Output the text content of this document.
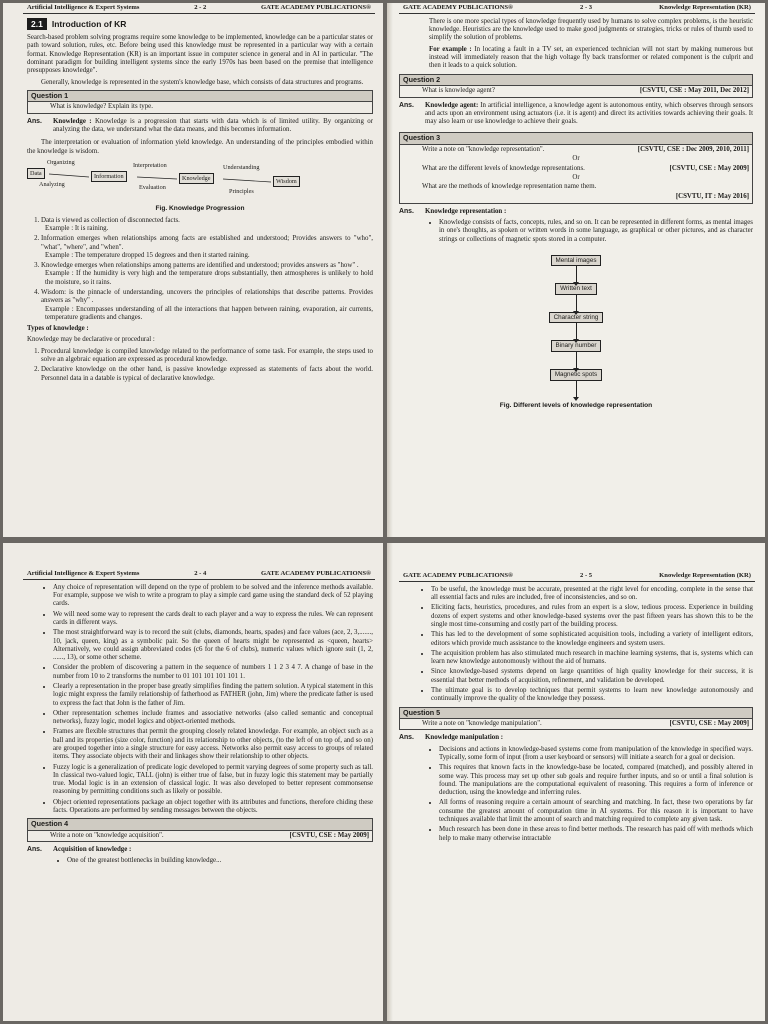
Artificial Intelligence & Expert Systems	2 - 2	GATE ACADEMY PUBLICATIONS®
2.1	Introduction of KR

Search-based problem solving programs require some knowledge to be implemented, knowledge can be a particular states or path toward solution, rules, etc. Before being used this knowledge must be represented in a particular way with a certain format. Knowledge Representation (KR) is an important issue in computer science in general and in AI in particular. "The dominant paradigm for building intelligent systems since the early 1970s has been based on the premise that intelligence presupposes knowledge".

Generally, knowledge is represented in the system's knowledge base, which consists of data structures and programs.

Question 1
What is knowledge? Explain its type.
Ans.	Knowledge : Knowledge is a progression that starts with data which is of limited utility. By organizing or analyzing the data, we understand what the data means, and this becomes information.

The interpretation or evaluation of information yield knowledge. An understanding of the principles embodied within the knowledge is wisdom.

Organizing
Data
Analyzing
Information
Interpretation
Evaluation
Knowledge
Understanding
Principles
Wisdom
Fig. Knowledge Progression
1. Data is viewed as collection of disconnected facts.
Example : It is raining.
2. Information emerges when relationships among facts are established and understood; Provides answers to "who", "what", "where", and "when".
Example : The temperature dropped 15 degrees and then it started raining.
3. Knowledge emerges when relationships among patterns are identified and understood; provides answers as "how" .
Example : If the humidity is very high and the temperature drops substantially, then atmospheres is unlikely to hold the moisture, so it rains.
4. Wisdom: is the pinnacle of understanding, uncovers the principles of relationships that describe patterns. Provides answers as "why" .
Example : Encompasses understanding of all the interactions that happen between raining, evaporation, air currents, temperature gradients and changes.

Types of knowledge :

Knowledge may be declarative or procedural :

1. Procedural knowledge is compiled knowledge related to the performance of some task. For example, the steps used to solve an algebraic equation are expressed as procedural knowledge.
2. Declarative knowledge on the other hand, is passive knowledge expressed as statements of facts about the world. Personnel data in a datable is typical of declarative knowledge.
GATE ACADEMY PUBLICATIONS®	2 - 3	Knowledge Representation (KR)

There is one more special types of knowledge frequently used by humans to solve complex problems, is the heuristic knowledge. Heuristics are the knowledge used to make good judgments or strategies, tricks or rules of thumb used to simplify the solution of problems.

For example : In locating a fault in a TV set, an experienced technician will not start by making numerous but instead will immediately reason that the high voltage fly back transformer or related component is the culprit and then it leads to a quick solution.

Question 2
What is knowledge agent?	[CSVTU, CSE : May 2011, Dec 2012]
Ans.	Knowledge agent: In artificial intelligence, a knowledge agent is autonomous entity, which observes through sensors and acts upon an environment using actuators (i.e. it is agent) and direct its activities towards achieving their goals. It may also learn or use knowledge to achieve their goals.

Question 3
Write a note on "knowledge representation".	[CSVTU, CSE : Dec 2009, 2010, 2011]
Or
What are the different levels of knowledge representations.	[CSVTU, CSE : May 2009]
Or
What are the methods of knowledge representation name them.
[CSVTU, IT : May 2016]
Ans.	Knowledge representation :

• Knowledge consists of facts, concepts, rules, and so on. It can be represented in different forms, as mental images in one's thoughts, as spoken or written words in some language, as graphical or other pictures, and as character strings or collections of magnetic spots stored in a computer.
Mental images
Written text
Character string
Binary number
Magnetic spots
Fig. Different levels of knowledge representation
Artificial Intelligence & Expert Systems	2 - 4	GATE ACADEMY PUBLICATIONS®
• Any choice of representation will depend on the type of problem to be solved and the inference methods available. For example, suppose we wish to write a program to play a simple card game using the standard deck of 52 playing cards.
• We will need some way to represent the cards dealt to each player and a way to express the rules. We can represent cards in different ways.
• The most straightforward way is to record the suit (clubs, diamonds, hearts, spades) and face values (ace, 2, 3,......., 10, jack, queen, king) as a symbolic pair. So the queen of hearts might be represented as <queen, hearts> Alternatively, we could assign abbreviated codes (c6 for the 6 of clubs), numeric values which ignore suit (1, 2, ......, 13), or some other scheme.
• Consider the problem of discovering a pattern in the sequence of numbers 1 1 2 3 4 7. A change of base in the number from 10 to 2 transforms the number to 01 101 101 101 101 1.
• Clearly a representation in the proper base greatly simplifies finding the pattern solution. A typical statement in this logic might express the family relationship of fatherhood as FATHER (john, Jim) where the predicate father is used to express the fact that John is the father of Jim.
• Other representation schemes include frames and associative networks (also called semantic and conceptual networks), fuzzy logic, model logics and object-oriented methods.
• Frames are flexible structures that permit the grouping closely related knowledge. For example, an object such as a ball and its properties (size color, function) and its relationship to other objects, (to the left of on top of, and so on) are grouped together into a single structure for easy access. Networks also permit easy access to groups of related items. They associate objects with their and linkages show their relationship to other objects.
• Fuzzy logic is a generalization of predicate logic developed to permit varying degrees of some property such as tall. In classical two-valued logic, TALL (john) is either true of false, but in fuzzy logic this statement may be partially true. Modal logic is in an extension of classical logic. It was also developed to better represent commonsense reasoning by permitting conditions such as likely or possible.
• Object oriented representations package an object together with its attributes and functions, therefore chiding these facts. Operations are performed by sending messages between the objects.
Question 4
Write a note on "knowledge acquisition".	[CSVTU, CSE : May 2009]
Ans.	Acquisition of knowledge :

• One of the greatest bottlenecks in building knowledge...
GATE ACADEMY PUBLICATIONS®	2 - 5	Knowledge Representation (KR)
• To be useful, the knowledge must be accurate, presented at the right level for encoding, complete in the sense that all essential facts and rules are included, free of inconsistencies, and so on.
• Eliciting facts, heuristics, procedures, and rules from an expert is a slow, tedious process. Experience in building dozens of expert systems and other knowledge-based systems over the past fifteen years has shown this to be the single most time-consuming and costly part of the building process.
• This has led to the development of some sophisticated acquisition tools, including a variety of intelligent editors, editors which provide much assistance to the knowledge engineers and system users.
• The acquisition problem has also stimulated much research in machine learning systems, that is, systems which can learn new knowledge autonomously without the aid of humans.
• Since knowledge-based systems depend on large quantities of high quality knowledge for their success, it is essential that better methods of acquisition, refinement, and validation be developed.
• The ultimate goal is to develop techniques that permit systems to learn new knowledge autonomously and continually improve the quality of the knowledge they possess.
Question 5
Write a note on "knowledge manipulation".	[CSVTU, CSE : May 2009]
Ans.	Knowledge manipulation :

• Decisions and actions in knowledge-based systems come from manipulation of the knowledge in specified ways. Typically, some form of input (from a user keyboard or sensors) will initiate a search for a goal or decision.
• This requires that known facts in the knowledge-base be located, compared (matched), and possibly altered in some way. This process may set up other sub goals and require further inputs, and so or until a final solution is found. The manipulations are the computational equivalent of reasoning. This requires a form of inference or deduction, using the knowledge and inferring rules.
• All forms of reasoning require a certain amount of searching and matching. In fact, these two operations by far consume the greatest amount of computation time in AI systems. For this reason it is important to have techniques available that limit the amount of search and matching required to complete any given task.
• Much research has been done in these areas to find better methods. The research has paid off with methods which help to make many otherwise intractable
